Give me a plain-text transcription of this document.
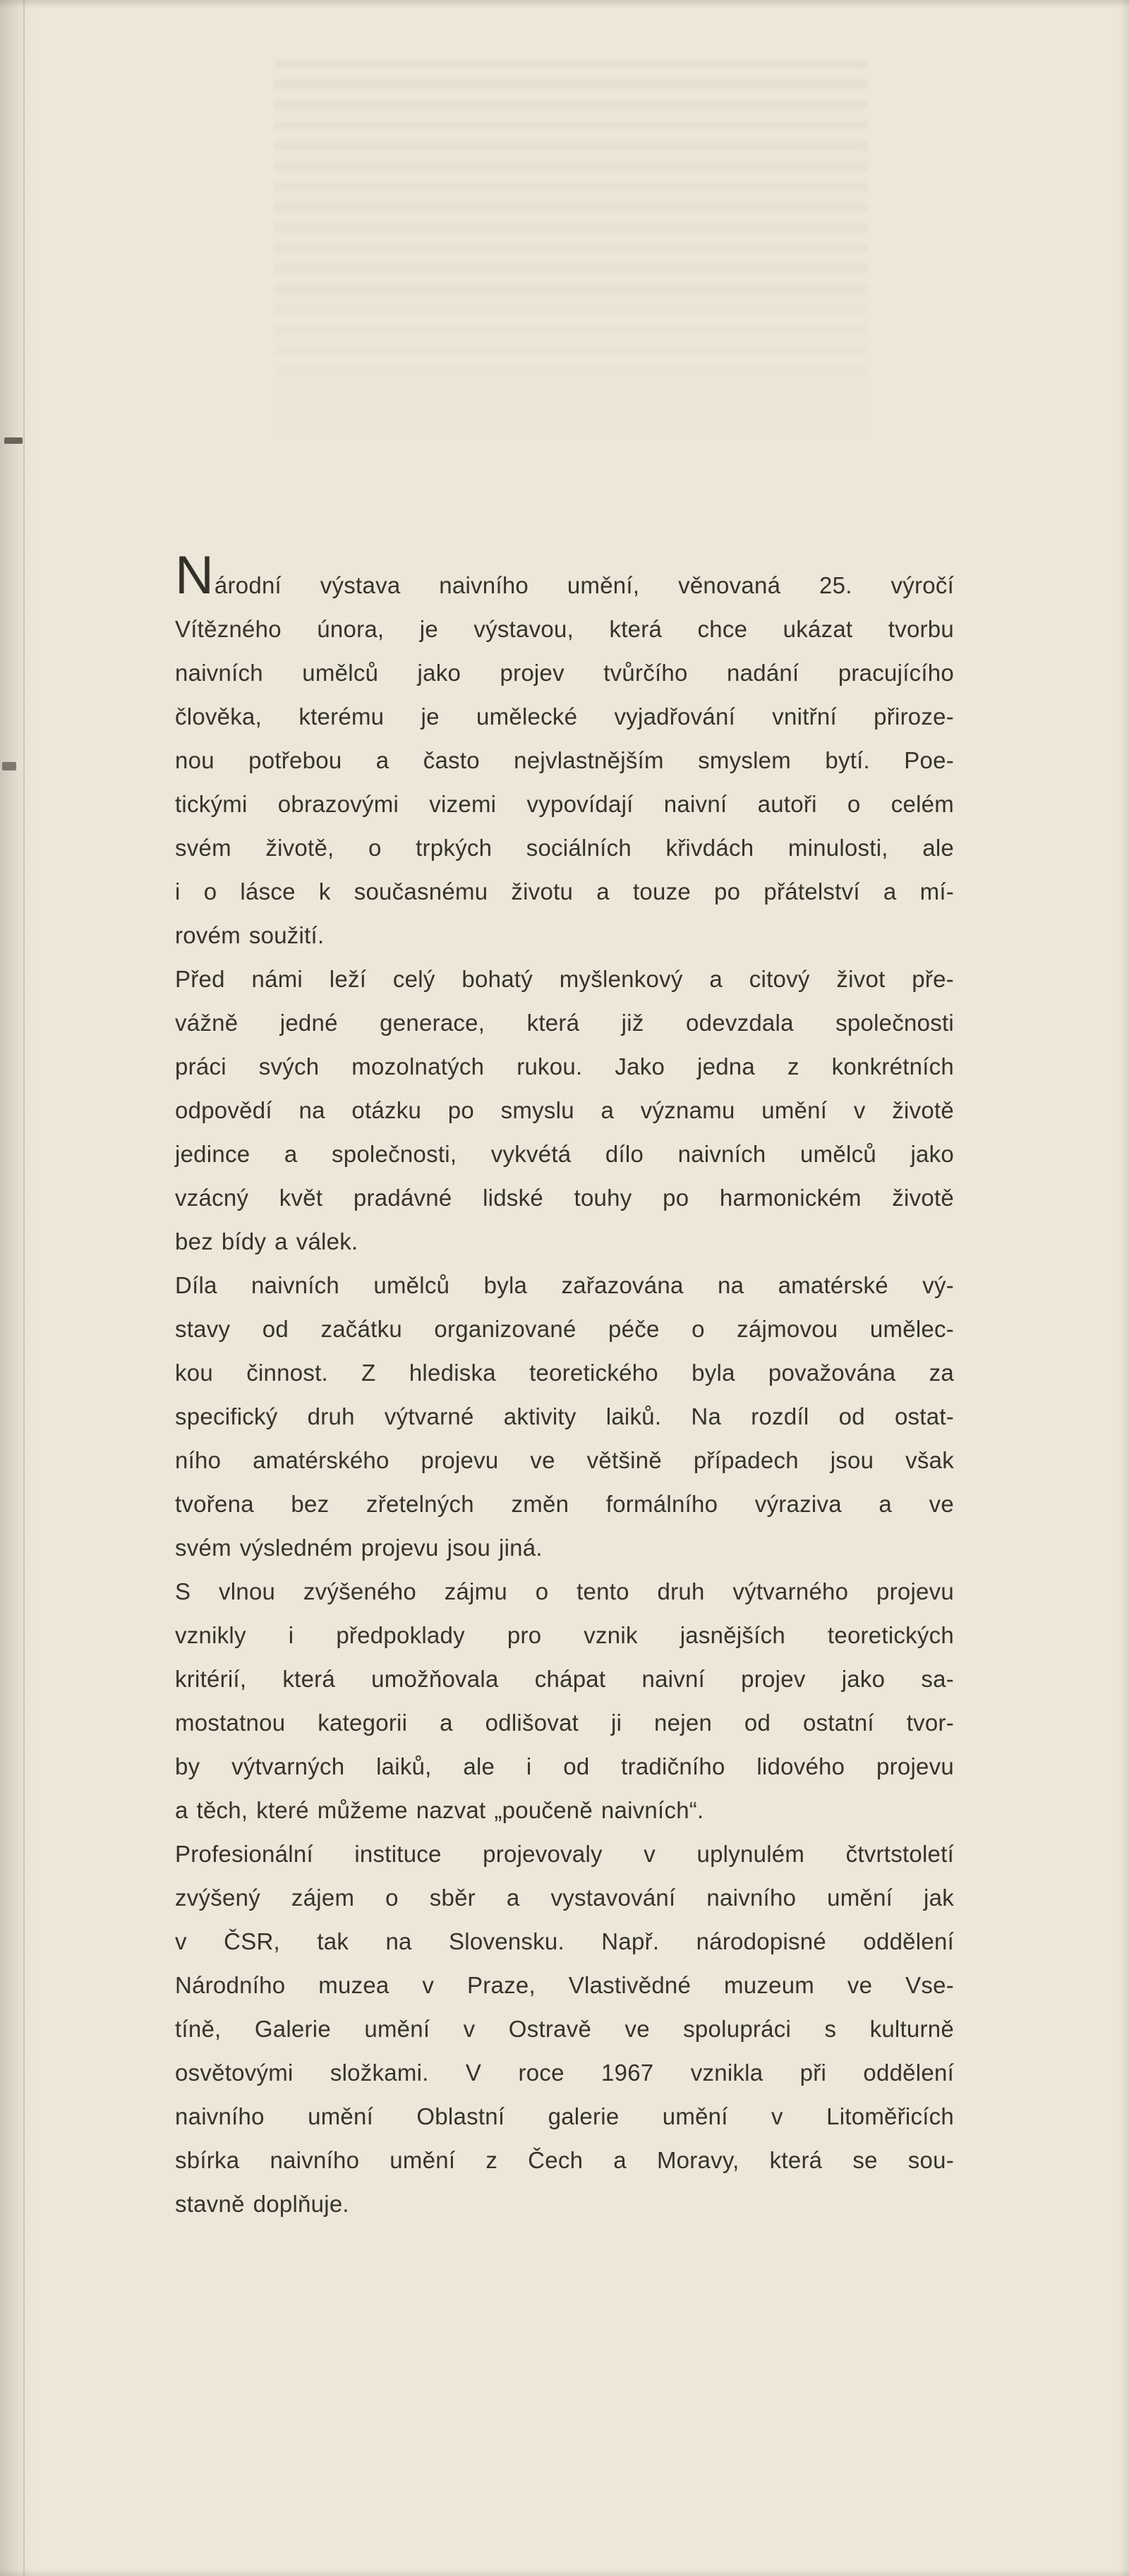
Národní výstava naivního umění, věnovaná 25. výročí
Vítězného února, je výstavou, která chce ukázat tvorbu
naivních umělců jako projev tvůrčího nadání pracujícího
člověka, kterému je umělecké vyjadřování vnitřní přiroze-
nou potřebou a často nejvlastnějším smyslem bytí. Poe-
tickými obrazovými vizemi vypovídají naivní autoři o celém
svém životě, o trpkých sociálních křivdách minulosti, ale
i o lásce k současnému životu a touze po přátelství a mí-
rovém soužití.
Před námi leží celý bohatý myšlenkový a citový život pře-
vážně jedné generace, která již odevzdala společnosti
práci svých mozolnatých rukou. Jako jedna z konkrétních
odpovědí na otázku po smyslu a významu umění v životě
jedince a společnosti, vykvétá dílo naivních umělců jako
vzácný květ pradávné lidské touhy po harmonickém životě
bez bídy a válek.
Díla naivních umělců byla zařazována na amatérské vý-
stavy od začátku organizované péče o zájmovou umělec-
kou činnost. Z hlediska teoretického byla považována za
specifický druh výtvarné aktivity laiků. Na rozdíl od ostat-
ního amatérského projevu ve většině případech jsou však
tvořena bez zřetelných změn formálního výraziva a ve
svém výsledném projevu jsou jiná.
S vlnou zvýšeného zájmu o tento druh výtvarného projevu
vznikly i předpoklady pro vznik jasnějších teoretických
kritérií, která umožňovala chápat naivní projev jako sa-
mostatnou kategorii a odlišovat ji nejen od ostatní tvor-
by výtvarných laiků, ale i od tradičního lidového projevu
a těch, které můžeme nazvat „poučeně naivních“.
Profesionální instituce projevovaly v uplynulém čtvrtstoletí
zvýšený zájem o sběr a vystavování naivního umění jak
v ČSR, tak na Slovensku. Např. národopisné oddělení
Národního muzea v Praze, Vlastivědné muzeum ve Vse-
tíně, Galerie umění v Ostravě ve spolupráci s kulturně
osvětovými složkami. V roce 1967 vznikla při oddělení
naivního umění Oblastní galerie umění v Litoměřicích
sbírka naivního umění z Čech a Moravy, která se sou-
stavně doplňuje.
